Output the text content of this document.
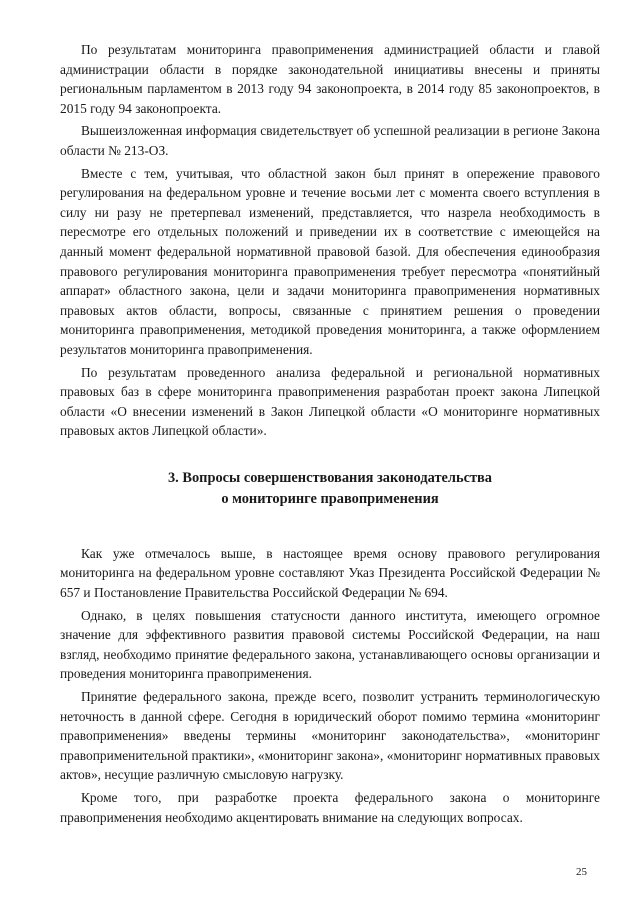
По результатам мониторинга правоприменения администрацией области и главой администрации области в порядке законодательной инициативы внесены и приняты региональным парламентом в 2013 году 94 законопроекта, в 2014 году 85 законопроектов, в 2015 году 94 законопроекта.

Вышеизложенная информация свидетельствует об успешной реализации в регионе Закона области № 213-ОЗ.

Вместе с тем, учитывая, что областной закон был принят в опережение правового регулирования на федеральном уровне и течение восьми лет с момента своего вступления в силу ни разу не претерпевал изменений, представляется, что назрела необходимость в пересмотре его отдельных положений и приведении их в соответствие с имеющейся на данный момент федеральной нормативной правовой базой. Для обеспечения единообразия правового регулирования мониторинга правоприменения требует пересмотра «понятийный аппарат» областного закона, цели и задачи мониторинга правоприменения нормативных правовых актов области, вопросы, связанные с принятием решения о проведении мониторинга правоприменения, методикой проведения мониторинга, а также оформлением результатов мониторинга правоприменения.

По результатам проведенного анализа федеральной и региональной нормативных правовых баз в сфере мониторинга правоприменения разработан проект закона Липецкой области «О внесении изменений в Закон Липецкой области «О мониторинге нормативных правовых актов Липецкой области».

3. Вопросы совершенствования законодательства
о мониторинге правоприменения

Как уже отмечалось выше, в настоящее время основу правового регулирования мониторинга на федеральном уровне составляют Указ Президента Российской Федерации № 657 и Постановление Правительства Российской Федерации № 694.

Однако, в целях повышения статусности данного института, имеющего огромное значение для эффективного развития правовой системы Российской Федерации, на наш взгляд, необходимо принятие федерального закона, устанавливающего основы организации и проведения мониторинга правоприменения.

Принятие федерального закона, прежде всего, позволит устранить терминологическую неточность в данной сфере. Сегодня в юридический оборот помимо термина «мониторинг правоприменения» введены термины «мониторинг законодательства», «мониторинг правоприменительной практики», «мониторинг закона», «мониторинг нормативных правовых актов», несущие различную смысловую нагрузку.

Кроме того, при разработке проекта федерального закона о мониторинге правоприменения необходимо акцентировать внимание на следующих вопросах.

25
